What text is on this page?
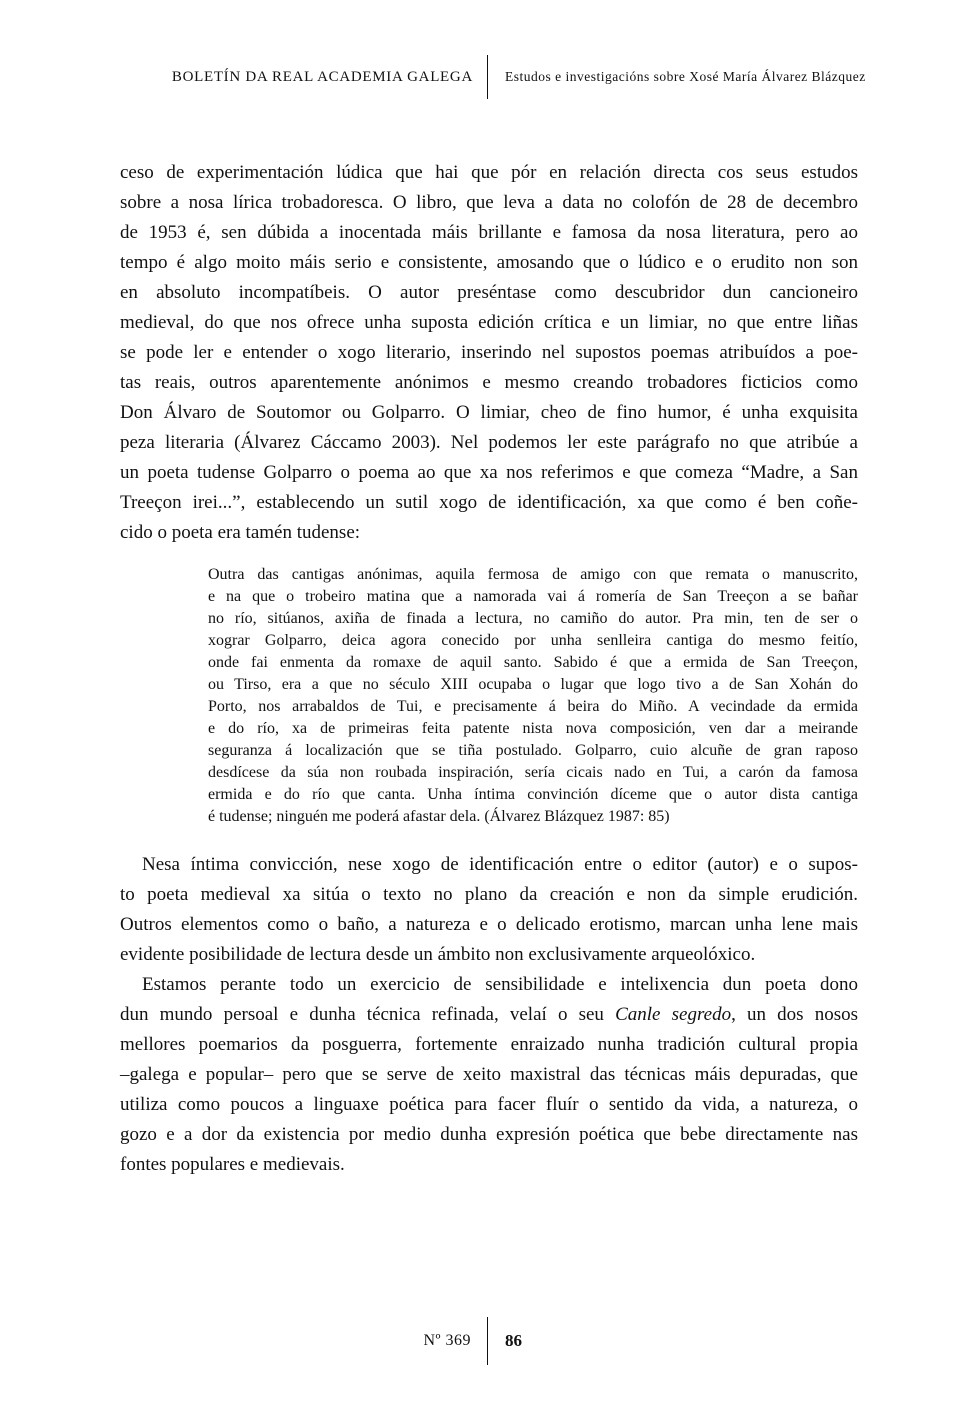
BOLETÍN DA REAL ACADEMIA GALEGA	Estudos e investigacións sobre Xosé María Álvarez Blázquez
ceso de experimentación lúdica que hai que pór en relación directa cos seus estudos
sobre a nosa lírica trobadoresca. O libro, que leva a data no colofón de 28 de decembro
de 1953 é, sen dúbida a inocentada máis brillante e famosa da nosa literatura, pero ao
tempo é algo moito máis serio e consistente, amosando que o lúdico e o erudito non son
en absoluto incompatíbeis. O autor preséntase como descubridor dun cancioneiro
medieval, do que nos ofrece unha suposta edición crítica e un limiar, no que entre liñas
se pode ler e entender o xogo literario, inserindo nel supostos poemas atribuídos a poe-
tas reais, outros aparentemente anónimos e mesmo creando trobadores ficticios como
Don Álvaro de Soutomor ou Golparro. O limiar, cheo de fino humor, é unha exquisita
peza literaria (Álvarez Cáccamo 2003). Nel podemos ler este parágrafo no que atribúe a
un poeta tudense Golparro o poema ao que xa nos referimos e que comeza “Madre, a San
Treeçon irei...”, establecendo un sutil xogo de identificación, xa que como é ben coñe-
cido o poeta era tamén tudense:
Outra das cantigas anónimas, aquila fermosa de amigo con que remata o manuscrito,
e na que o trobeiro matina que a namorada vai á romería de San Treeçon a se bañar
no río, sitúanos, axiña de finada a lectura, no camiño do autor. Pra min, ten de ser o
xograr Golparro, deica agora conecido por unha senlleira cantiga do mesmo feitío,
onde fai enmenta da romaxe de aquil santo. Sabido é que a ermida de San Treeçon,
ou Tirso, era a que no século XIII ocupaba o lugar que logo tivo a de San Xohán do
Porto, nos arrabaldos de Tui, e precisamente á beira do Miño. A vecindade da ermida
e do río, xa de primeiras feita patente nista nova composición, ven dar a meirande
seguranza á localización que se tiña postulado. Golparro, cuio alcuñe de gran raposo
desdícese da súa non roubada inspiración, sería cicais nado en Tui, a carón da famosa
ermida e do río que canta. Unha íntima convinción díceme que o autor dista cantiga
é tudense; ninguén me poderá afastar dela. (Álvarez Blázquez 1987: 85)
Nesa íntima convicción, nese xogo de identificación entre o editor (autor) e o supos-
to poeta medieval xa sitúa o texto no plano da creación e non da simple erudición.
Outros elementos como o baño, a natureza e o delicado erotismo, marcan unha lene mais
evidente posibilidade de lectura desde un ámbito non exclusivamente arqueolóxico.
Estamos perante todo un exercicio de sensibilidade e intelixencia dun poeta dono
dun mundo persoal e dunha técnica refinada, velaí o seu Canle segredo, un dos nosos
mellores poemarios da posguerra, fortemente enraizado nunha tradición cultural propia
–galega e popular– pero que se serve de xeito maxistral das técnicas máis depuradas, que
utiliza como poucos a linguaxe poética para facer fluír o sentido da vida, a natureza, o
gozo e a dor da existencia por medio dunha expresión poética que bebe directamente nas
fontes populares e medievais.
Nº 369	86
